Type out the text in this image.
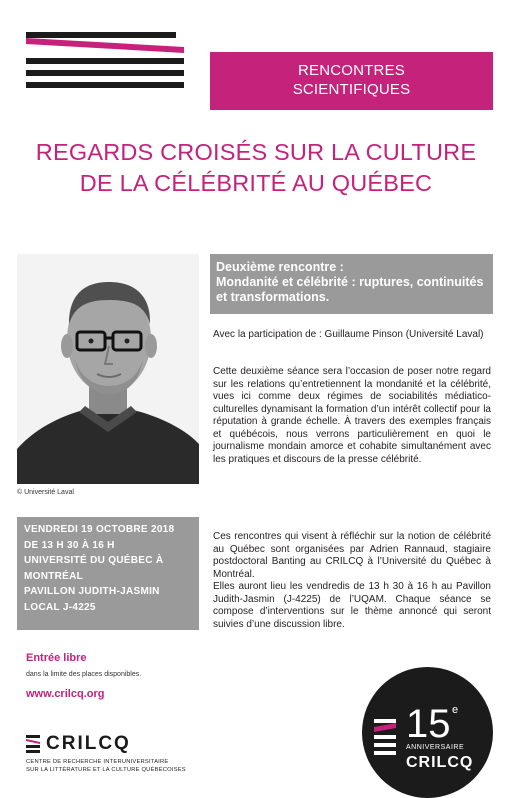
RENCONTRES
SCIENTIFIQUES
REGARDS CROISÉS SUR LA CULTURE
DE LA CÉLÉBRITÉ AU QUÉBEC
© Université Laval
Deuxième rencontre :
Mondanité et célébrité : ruptures, continuités et transformations.
Avec la participation de : Guillaume Pinson (Université Laval)
Cette deuxième séance sera l’occasion de poser notre regard sur les relations qu’entretiennent la mondanité et la célébrité, vues ici comme deux régimes de sociabilités médiatico-culturelles dynamisant la formation d’un intérêt collectif pour la réputation à grande échelle. À travers des exemples français et québécois, nous verrons particulièrement en quoi le journalisme mondain amorce et cohabite simultanément avec les pratiques et discours de la presse célébrité.
VENDREDI 19 OCTOBRE 2018
DE 13 H 30 À 16 H
UNIVERSITÉ DU QUÉBEC À
MONTRÉAL
PAVILLON JUDITH-JASMIN
LOCAL J-4225
Ces rencontres qui visent à réfléchir sur la notion de célébrité au Québec sont organisées par Adrien Rannaud, stagiaire postdoctoral Banting au CRILCQ à l’Université du Québec à Montréal.
Elles auront lieu les vendredis de 13 h 30 à 16 h au Pavillon Judith-Jasmin (J-4225) de l’UQAM. Chaque séance se compose d’interventions sur le thème annoncé qui seront suivies d’une discussion libre.
Entrée libre
dans la limite des places disponibles.
www.crilcq.org
CRILCQ
CENTRE DE RECHERCHE INTERUNIVERSITAIRE
SUR LA LITTÉRATURE ET LA CULTURE QUÉBÉCOISES
15 e
ANNIVERSAIRE
CRILCQ
